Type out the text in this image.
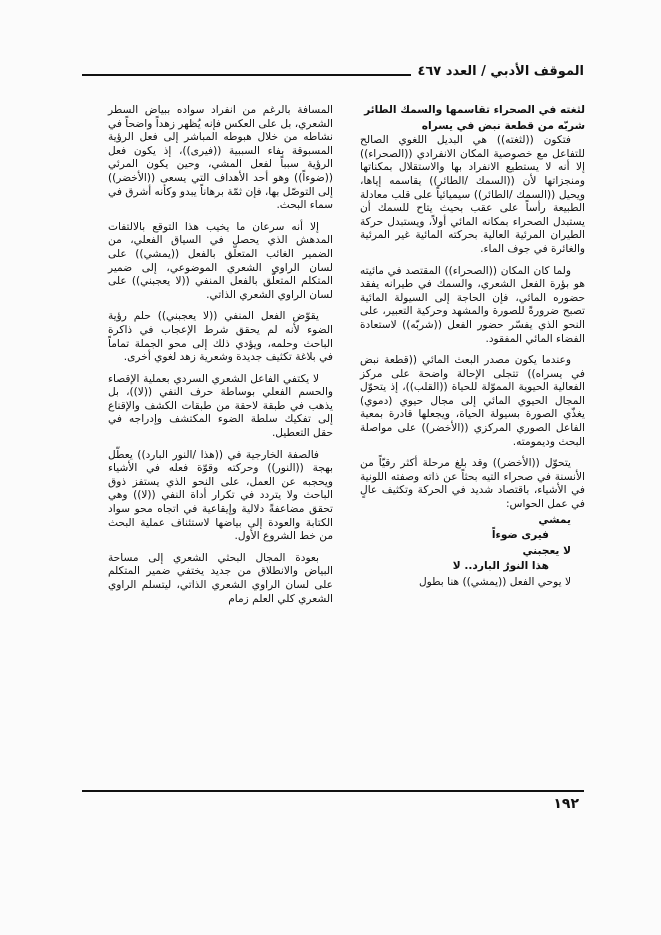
الموقف الأدبي / العدد ٤٦٧

لثغته في الصحراء تقاسمها والسمك الطائر

شربّه من قطعة نبض في يسراه

فتكون ((لثغته)) هي البديل اللغوي الصالح للتفاعل مع خصوصية المكان الانفرادي ((الصحراء)) إلا أنه لا يستطيع الانفراد بها والاستقلال بمكناتها ومنجزاتها لأن ((السمك /الطائر)) يقاسمه إياها، ويحيل ((السمك /الطائر)) سيميائياً على قلب معادلة الطبيعة رأساً على عقب بحيث يتاح للسمك أن يستبدل الصحراء بمكانه المائي أولاً، ويستبدل حركة الطيران المرئية العالية بحركته المائية غير المرئية والغائرة في جوف الماء.

ولما كان المكان ((الصحراء)) المقتصد في مائيته هو بؤرة الفعل الشعري، والسمك في طيرانه يفقد حضوره المائي، فإن الحاجة إلى السيولة المائية تصبح ضرورةً للصورة والمشهد وحركية التعبير، على النحو الذي يفسّر حضور الفعل ((شربّه)) لاستعادة الفضاء المائي المفقود.

وعندما يكون مصدر البعث المائي ((قطعة نبض في يسراه)) تتجلى الإحالة واضحة على مركز الفعالية الحيوية المموّلة للحياة ((القلب))، إذ يتحوّل المجال الحيوي المائي إلى مجال حيوي (دموي) يغذّي الصورة بسيولة الحياة، ويجعلها قادرة بمعية الفاعل الصوري المركزي ((الأخضر)) على مواصلة البحث وديمومته.

يتحوّل ((الأخضر)) وقد بلغ مرحلة أكثر رقيّاً من الأنسنة في صحراء التيه بحثاً عن ذاته وصفته اللونية في الأشياء، باقتصاد شديد في الحركة وتكثيف عالٍ في عمل الحواس:

يمشي

فيرى ضوءاً

لا يعجبني

هذا النورُ البارد.. لا

لا يوحي الفعل ((يمشي)) هنا بطول

المسافة بالرغم من انفراد سواده ببياض السطر الشعري، بل على العكس فإنه يُظهر زهداً واضحاً في نشاطه من خلال هبوطه المباشر إلى فعل الرؤية المسبوقة بفاء السببية ((فيرى))، إذ يكون فعل الرؤية سبباً لفعل المشي، وحين يكون المرئي ((ضوءاً)) وهو أحد الأهداف التي يسعى ((الأخضر)) إلى التوصّل بها، فإن ثمّة برهاناً يبدو وكأنه أشرق في سماء البحث.

إلا أنه سرعان ما يخيب هذا التوقع بالالتفات المدهش الذي يحصل في السياق الفعلي، من الضمير الغائب المتعلّق بالفعل ((يمشي)) على لسان الراوي الشعري الموضوعي، إلى ضمير المتكلم المتعلّق بالفعل المنفي ((لا يعجبني)) على لسان الراوي الشعري الذاتي.

يقوّض الفعل المنفي ((لا يعجبني)) حلم رؤية الضوء لأنه لم يحقق شرط الإعجاب في ذاكرة الباحث وحلمه، ويؤدي ذلك إلى محو الجملة تماماً في بلاغة تكثيف جديدة وشعرية زهد لغوي أخرى.

لا يكتفي الفاعل الشعري السردي بعملية الإقصاء والحسم الفعلي بوساطة حرف النفي ((لا))، بل يذهب في طبقة لاحقة من طبقات الكشف والإقناع إلى تفكيك سلطة الضوء المكتشف وإدراجه في حقل التعطيل.

فالصفة الخارجية في ((هذا /النور البارد)) يعطّل بهجة ((النور)) وحركته وقوّة فعله في الأشياء ويحجبه عن العمل، على النحو الذي يستفز ذوق الباحث ولا يتردد في تكرار أداة النفي ((لا)) وهي تحقق مضاعفةً دلالية وإيقاعية في اتجاه محو سواد الكتابة والعودة إلى بياضها لاستئناف عملية البحث من خط الشروع الأول.

بعودة المجال البحثي الشعري إلى مساحة البياض والانطلاق من جديد يختفي ضمير المتكلم على لسان الراوي الشعري الذاتي، ليتسلم الراوي الشعري كلي العلم زمام

١٩٢
